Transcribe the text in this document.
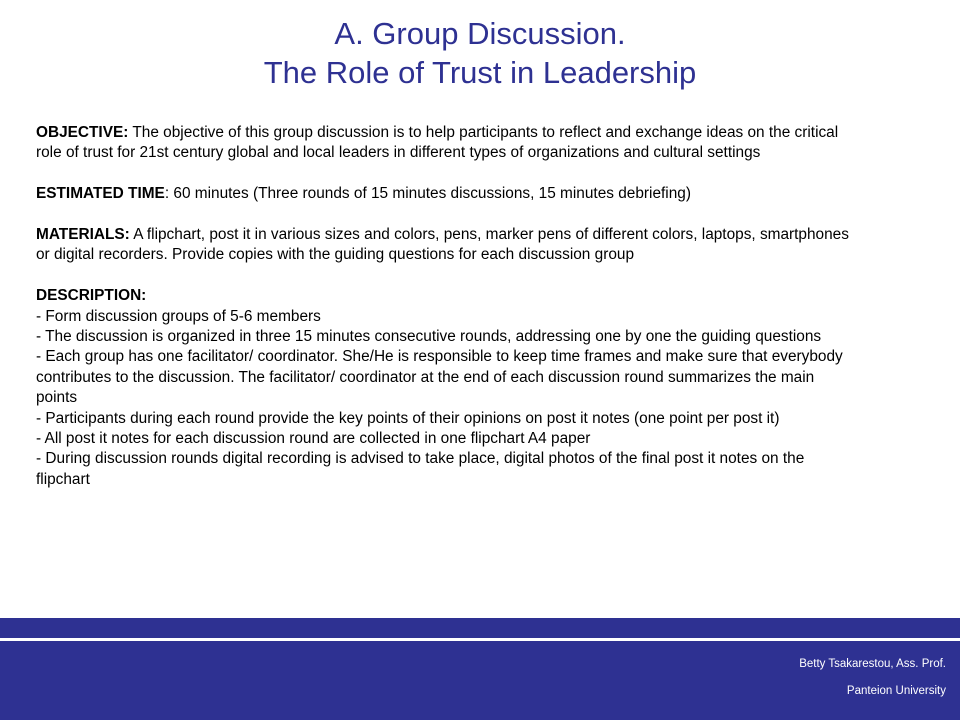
A. Group Discussion.
The Role of Trust in Leadership
OBJECTIVE: The objective of this group discussion is to help participants to reflect and exchange ideas on the critical role of trust for 21st century global and local leaders in different types of organizations and cultural settings
ESTIMATED TIME: 60 minutes (Three rounds of 15 minutes discussions, 15 minutes debriefing)
MATERIALS: A flipchart, post it in various sizes and colors, pens, marker pens of different colors, laptops, smartphones or digital recorders. Provide copies with the guiding questions for each discussion group
DESCRIPTION:
- Form discussion groups of 5-6 members
- The discussion is organized in three 15 minutes consecutive rounds, addressing one by one the guiding questions
- Each group has one facilitator/ coordinator. She/He is responsible to keep time frames and make sure that everybody contributes to the discussion. The facilitator/ coordinator at the end of each discussion round summarizes the main points
- Participants during each round provide the key points of their opinions on post it notes (one point per post it)
- All post it notes for each discussion round are collected in one flipchart A4 paper
- During discussion rounds digital recording is advised to take place, digital photos of the final post it notes on the flipchart
Betty Tsakarestou, Ass. Prof.
Panteion University
